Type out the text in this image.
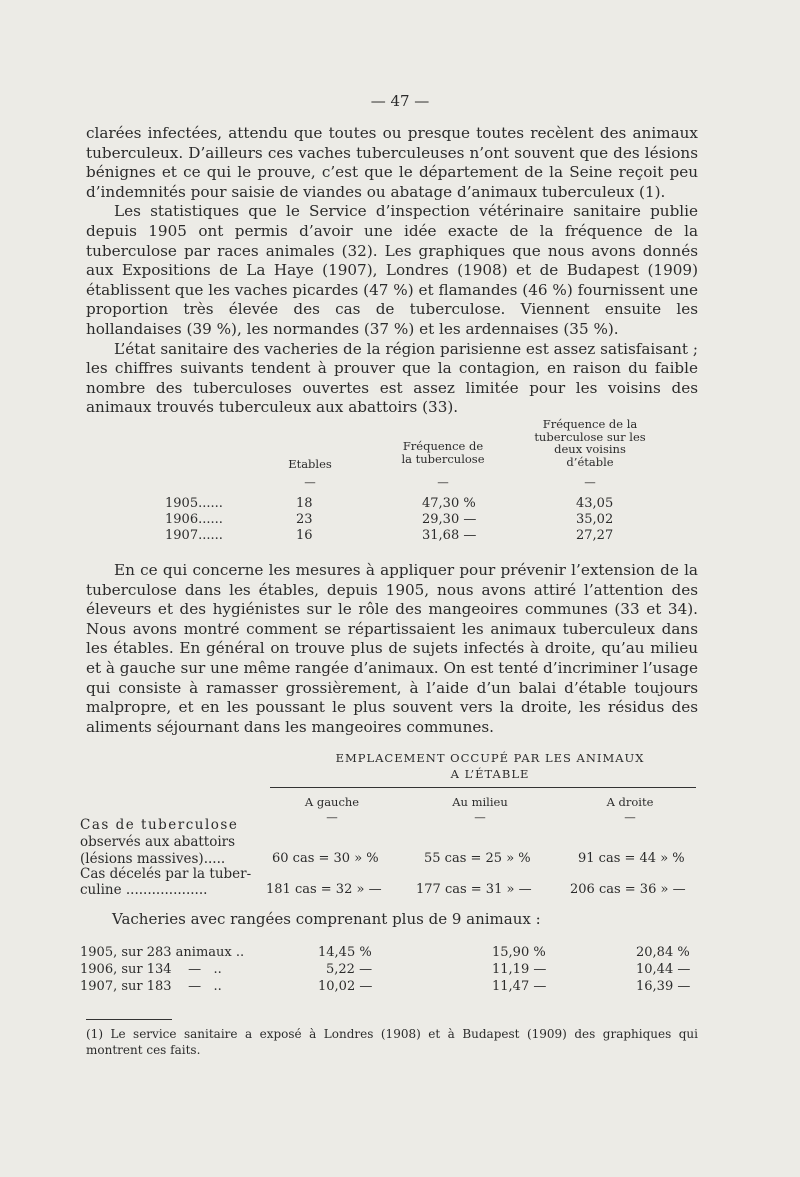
— 47 —

clarées infectées, attendu que toutes ou presque toutes recèlent des animaux tuberculeux. D’ailleurs ces vaches tuberculeuses n’ont souvent que des lésions bénignes et ce qui le prouve, c’est que le département de la Seine reçoit peu d’indemnités pour saisie de viandes ou abatage d’animaux tuberculeux (1).

Les statistiques que le Service d’inspection vétérinaire sanitaire publie depuis 1905 ont permis d’avoir une idée exacte de la fréquence de la tuberculose par races animales (32). Les graphiques que nous avons donnés aux Expositions de La Haye (1907), Londres (1908) et de Budapest (1909) établissent que les vaches picardes (47 %) et flamandes (46 %) fournissent une proportion très élevée des cas de tuberculose. Viennent ensuite les hollandaises (39 %), les normandes (37 %) et les ardennaises (35 %).

L’état sanitaire des vacheries de la région parisienne est assez satisfaisant ; les chiffres suivants tendent à prouver que la contagion, en raison du faible nombre des tuberculoses ouvertes est assez limitée pour les voisins des animaux trouvés tuberculeux aux abattoirs (33).

Etables
Fréquence de la tuberculose
Fréquence de la tuberculose sur les deux voisins d’étable
—	—	—
1905......	18	47,30 %	43,05
1906......	23	29,30 —	35,02
1907......	16	31,68 —	27,27
En ce qui concerne les mesures à appliquer pour prévenir l’extension de la tuberculose dans les étables, depuis 1905, nous avons attiré l’attention des éleveurs et des hygiénistes sur le rôle des mangeoires communes (33 et 34). Nous avons montré comment se répartissaient les animaux tuberculeux dans les étables. En général on trouve plus de sujets infectés à droite, qu’au milieu et à gauche sur une même rangée d’animaux. On est tenté d’incriminer l’usage qui consiste à ramasser grossièrement, à l’aide d’un balai d’étable toujours malpropre, et en les poussant le plus souvent vers la droite, les résidus des aliments séjournant dans les mangeoires communes.
EMPLACEMENT OCCUPÉ PAR LES ANIMAUX
A L’ÉTABLE
A gauche	Au milieu	A droite
—	—	—
Cas de tuberculose
observés aux abattoirs
(lésions massives).....	60 cas = 30 » %	55 cas = 25 » %	91 cas = 44 » %
Cas décelés par la tuber-
culine ...................	181 cas = 32 » —	177 cas = 31 » —	206 cas = 36 » —
Vacheries avec rangées comprenant plus de 9 animaux :
1905, sur 283 animaux ..	14,45 %	15,90 %	20,84 %
1906, sur 134    —   ..	5,22 —	11,19 —	10,44 —
1907, sur 183    —   ..	10,02 —	11,47 —	16,39 —
(1) Le service sanitaire a exposé à Londres (1908) et à Budapest (1909) des graphiques qui montrent ces faits.
